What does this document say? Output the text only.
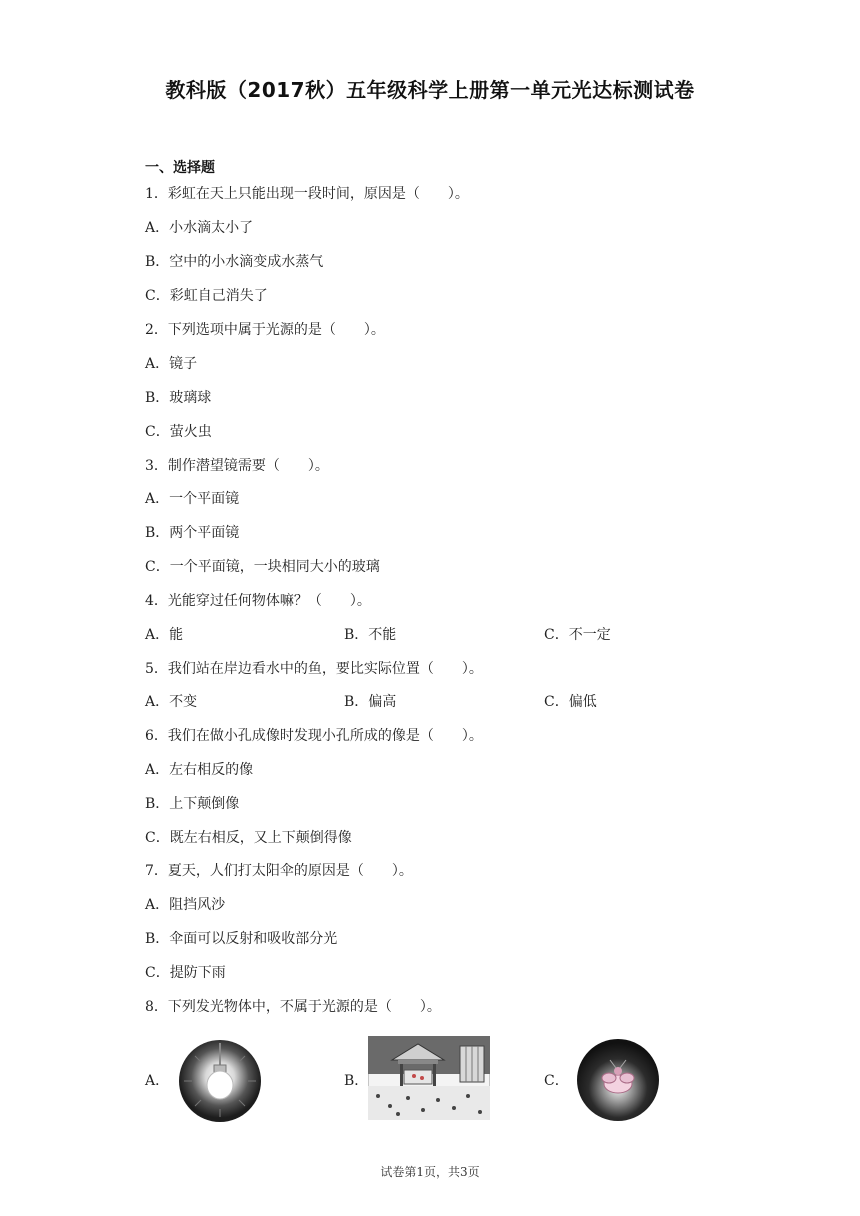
教科版（2017秋）五年级科学上册第一单元光达标测试卷
一、选择题
1．彩虹在天上只能出现一段时间，原因是（　　）。
A．小水滴太小了
B．空中的小水滴变成水蒸气
C．彩虹自己消失了
2．下列选项中属于光源的是（　　）。
A．镜子
B．玻璃球
C．萤火虫
3．制作潜望镜需要（　　）。
A．一个平面镜
B．两个平面镜
C．一个平面镜，一块相同大小的玻璃
4．光能穿过任何物体嘛？（　　）。
A．能	B．不能	C．不一定
5．我们站在岸边看水中的鱼，要比实际位置（　　）。
A．不变	B．偏高	C．偏低
6．我们在做小孔成像时发现小孔所成的像是（　　）。
A．左右相反的像
B．上下颠倒像
C．既左右相反，又上下颠倒得像
7．夏天，人们打太阳伞的原因是（　　）。
A．阻挡风沙
B．伞面可以反射和吸收部分光
C．提防下雨
8．下列发光物体中，不属于光源的是（　　）。
A．	B．	C．
试卷第1页，共3页
